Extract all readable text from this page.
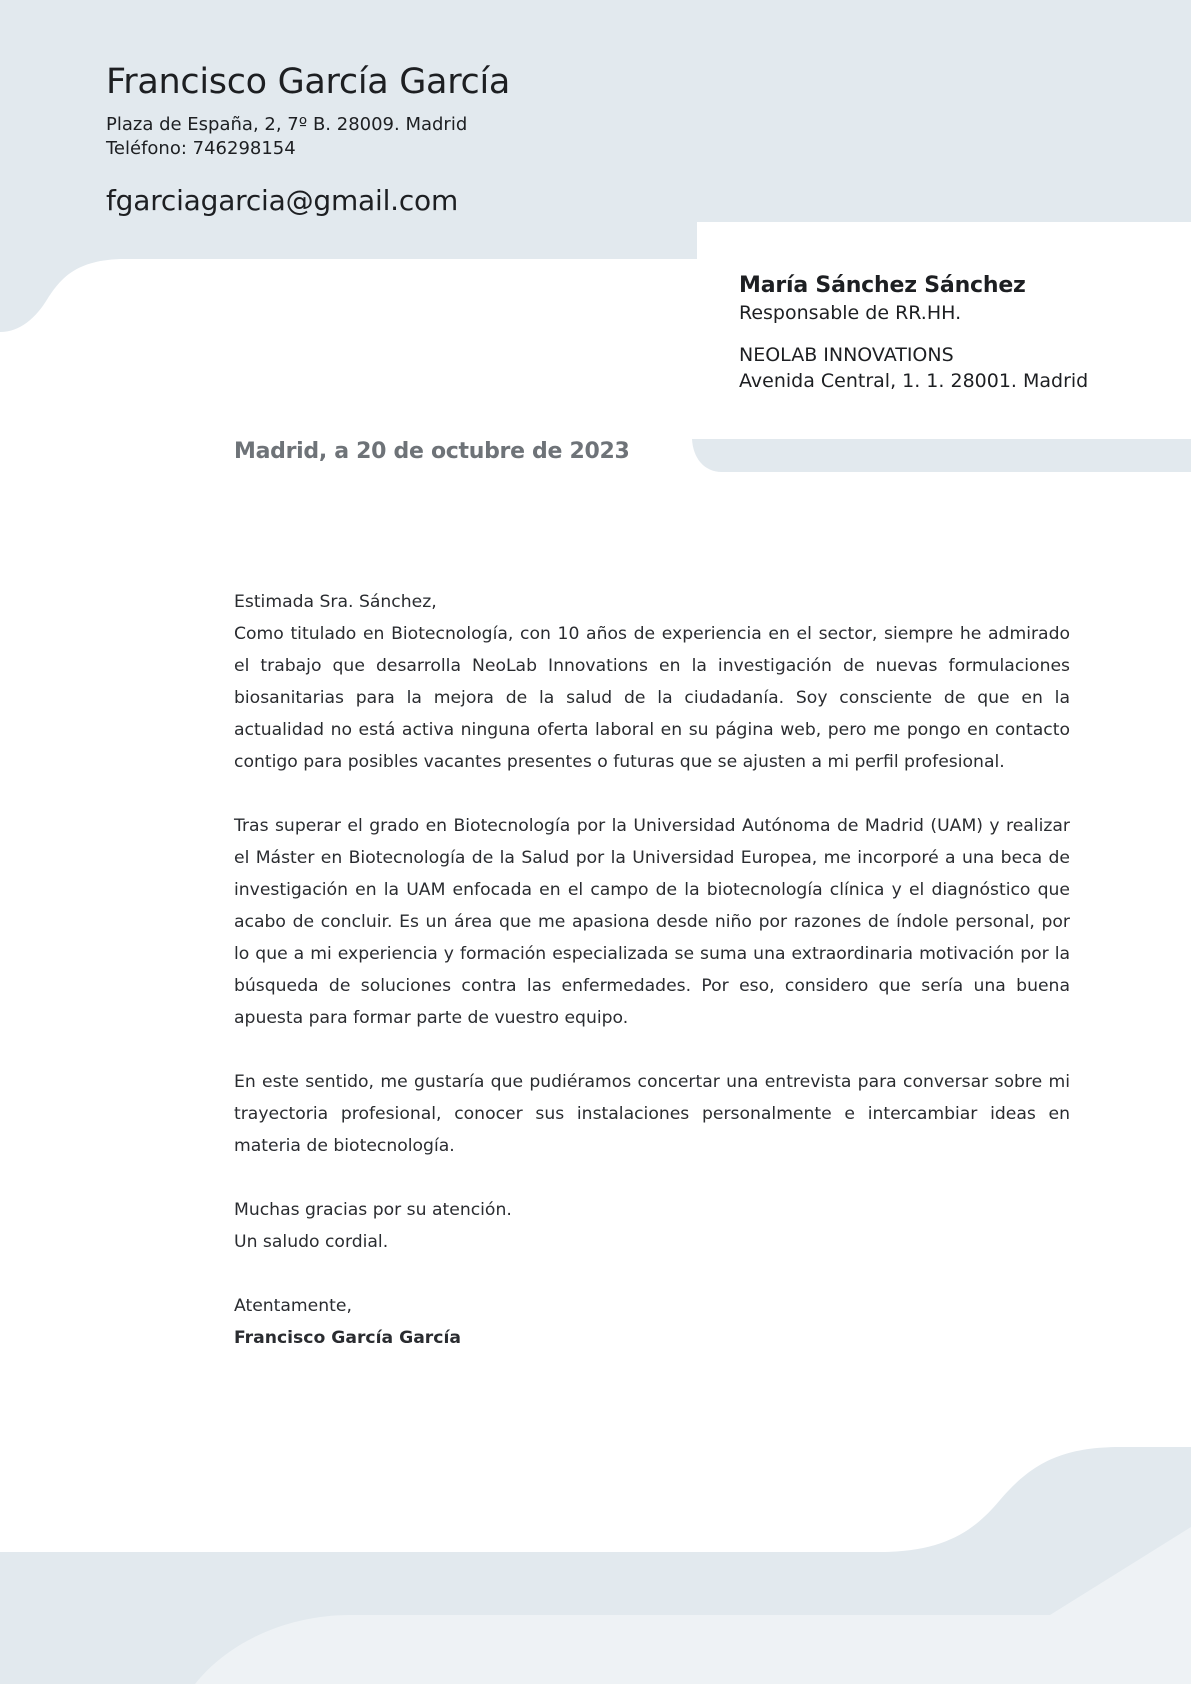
Francisco García García
Plaza de España, 2, 7º B. 28009. Madrid
Teléfono: 746298154
fgarciagarcia@gmail.com
María Sánchez Sánchez
Responsable de RR.HH.
NEOLAB INNOVATIONS
Avenida Central, 1. 1. 28001. Madrid
Madrid, a 20 de octubre de 2023

Estimada Sra. Sánchez,

Como titulado en Biotecnología, con 10 años de experiencia en el sector, siempre he admirado el trabajo que desarrolla NeoLab Innovations en la investigación de nuevas formulaciones biosanitarias para la mejora de la salud de la ciudadanía. Soy consciente de que en la actualidad no está activa ninguna oferta laboral en su página web, pero me pongo en contacto contigo para posibles vacantes presentes o futuras que se ajusten a mi perfil profesional.

Tras superar el grado en Biotecnología por la Universidad Autónoma de Madrid (UAM) y realizar el Máster en Biotecnología de la Salud por la Universidad Europea, me incorporé a una beca de investigación en la UAM enfocada en el campo de la biotecnología clínica y el diagnóstico que acabo de concluir. Es un área que me apasiona desde niño por razones de índole personal, por lo que a mi experiencia y formación especializada se suma una extraordinaria motivación por la búsqueda de soluciones contra las enfermedades. Por eso, considero que sería una buena apuesta para formar parte de vuestro equipo.

En este sentido, me gustaría que pudiéramos concertar una entrevista para conversar sobre mi trayectoria profesional, conocer sus instalaciones personalmente e intercambiar ideas en materia de biotecnología.

Muchas gracias por su atención.

Un saludo cordial.

Atentamente,

Francisco García García
